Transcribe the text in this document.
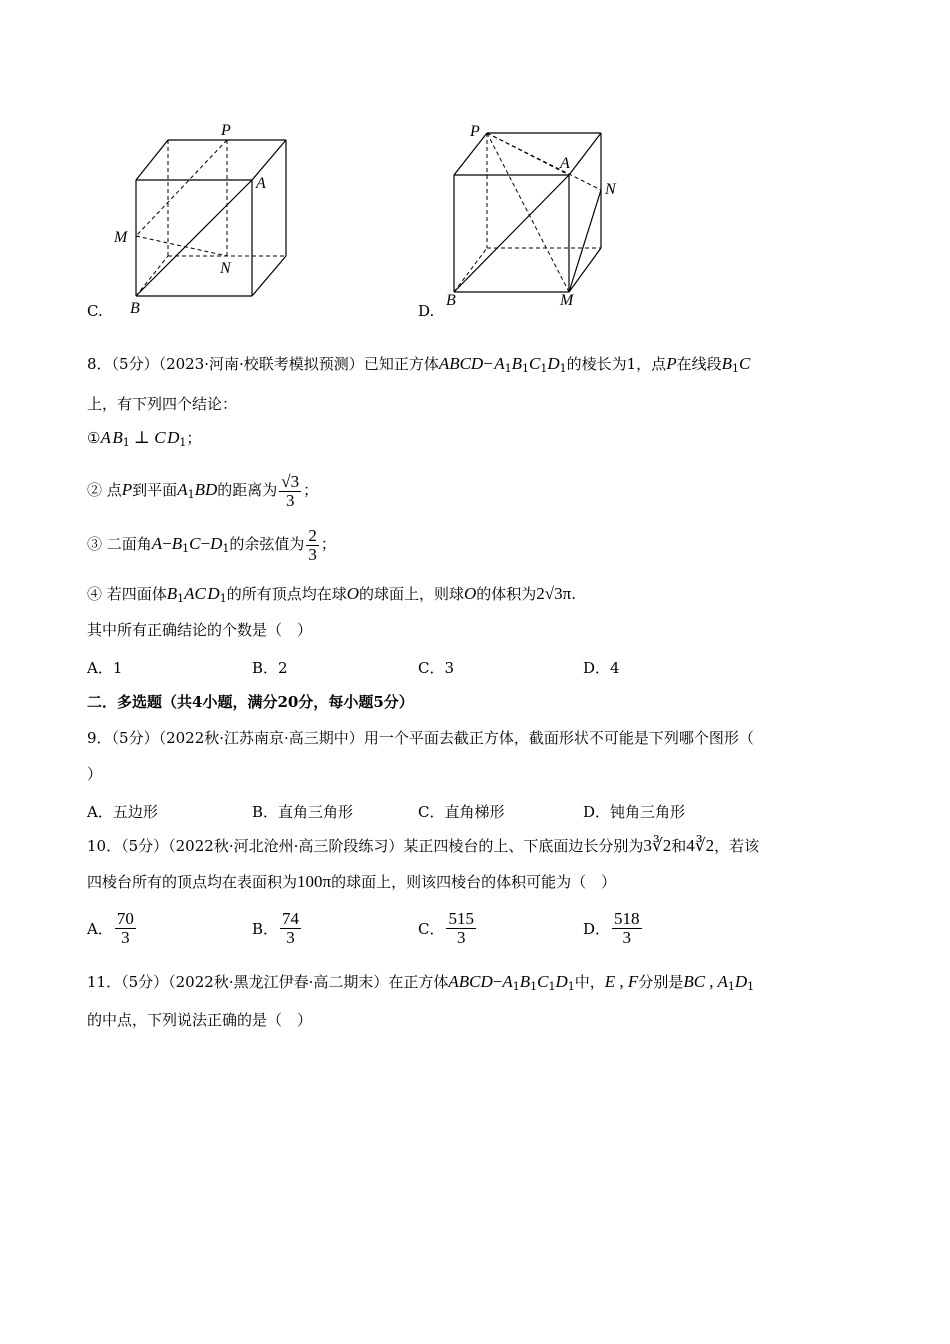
P
A
M
N
B
C.
P
A
N
B	M
D.
8．（5分）（2023·河南·校联考模拟预测）已知正方体ABCD− $A_1B_1C_1D_1$的棱长为1，点P在线段$B_1C$
上，有下列四个结论：
①A $B_1$ ⊥ C $D_1$；
② 点P到平面$A_1BD$的距离为 $\frac{√3}{3}$ ；
③ 二面角$A-B_1C-D_1$的余弦值为 $\frac{2}{3}$ ；
④ 若四面体$B_1AC$ $D_1$的所有顶点均在球O的球面上，则球O的体积为2√3π.
其中所有正确结论的个数是（　）
A．1	B．2	C．3	D．4
二．多选题（共4小题，满分20分，每小题5分）
9．（5分）（2022秋·江苏南京·高三期中）用一个平面去截正方体，截面形状不可能是下列哪个图形（
）
A．五边形	B．直角三角形	C．直角梯形	D．钝角三角形
10．（5分）（2022秋·河北沧州·高三阶段练习）某正四棱台的上、下底面边长分别为3∛2和4∛2，若该
四棱台所有的顶点均在表面积为100π的球面上，则该四棱台的体积可能为（　）
A． $\frac{70}{3}$	B． $\frac{74}{3}$	C． $\frac{515}{3}$	D． $\frac{518}{3}$
11．（5分）（2022秋·黑龙江伊春·高二期末）在正方体$ABCD-A_1B_1C_1D_1$中，E , F分别是BC , $A_1D_1$
的中点，下列说法正确的是（　）
